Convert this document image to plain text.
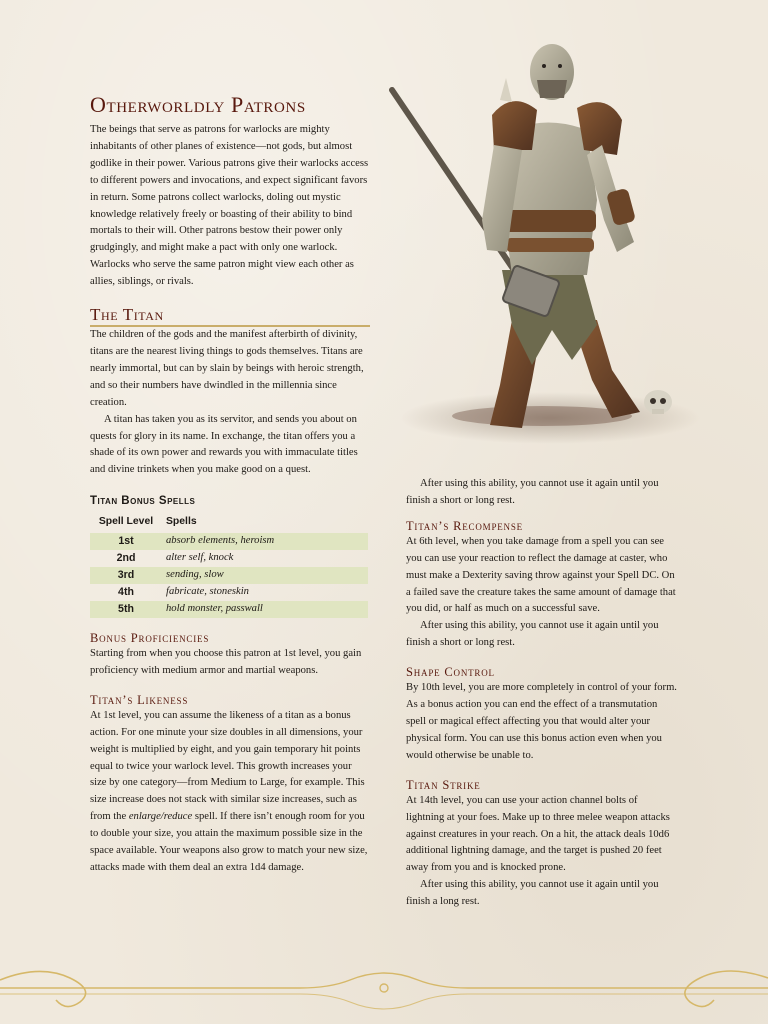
Otherworldly Patrons

The beings that serve as patrons for warlocks are mighty inhabitants of other planes of existence—not gods, but almost godlike in their power. Various patrons give their warlocks access to different powers and invocations, and expect significant favors in return. Some patrons collect warlocks, doling out mystic knowledge relatively freely or boasting of their ability to bind mortals to their will. Other patrons bestow their power only grudgingly, and might make a pact with only one warlock. Warlocks who serve the same patron might view each other as allies, siblings, or rivals.

The Titan

The children of the gods and the manifest afterbirth of divinity, titans are the nearest living things to gods themselves. Titans are nearly immortal, but can by slain by beings with heroic strength, and so their numbers have dwindled in the millennia since creation.

A titan has taken you as its servitor, and sends you about on quests for glory in its name. In exchange, the titan offers you a shade of its own power and rewards you with immaculate titles and divine trinkets when you make good on a quest.

Titan Bonus Spells
Spell Level	Spells
1st	absorb elements, heroism
2nd	alter self, knock
3rd	sending, slow
4th	fabricate, stoneskin
5th	hold monster, passwall
Bonus Proficiencies

Starting from when you choose this patron at 1st level, you gain proficiency with medium armor and martial weapons.

Titan’s Likeness

At 1st level, you can assume the likeness of a titan as a bonus action. For one minute your size doubles in all dimensions, your weight is multiplied by eight, and you gain temporary hit points equal to twice your warlock level. This growth increases your size by one category—from Medium to Large, for example. This size increase does not stack with similar size increases, such as from the enlarge/reduce spell. If there isn’t enough room for you to double your size, you attain the maximum possible size in the space available. Your weapons also grow to match your new size, attacks made with them deal an extra 1d4 damage.

After using this ability, you cannot use it again until you finish a short or long rest.

Titan’s Recompense

At 6th level, when you take damage from a spell you can see you can use your reaction to reflect the damage at caster, who must make a Dexterity saving throw against your Spell DC. On a failed save the creature takes the same amount of damage that you did, or half as much on a successful save.

After using this ability, you cannot use it again until you finish a short or long rest.

Shape Control

By 10th level, you are more completely in control of your form. As a bonus action you can end the effect of a transmutation spell or magical effect affecting you that would alter your physical form. You can use this bonus action even when you would otherwise be unable to.

Titan Strike

At 14th level, you can use your action channel bolts of lightning at your foes. Make up to three melee weapon attacks against creatures in your reach. On a hit, the attack deals 10d6 additional lightning damage, and the target is pushed 20 feet away from you and is knocked prone.

After using this ability, you cannot use it again until you finish a long rest.
